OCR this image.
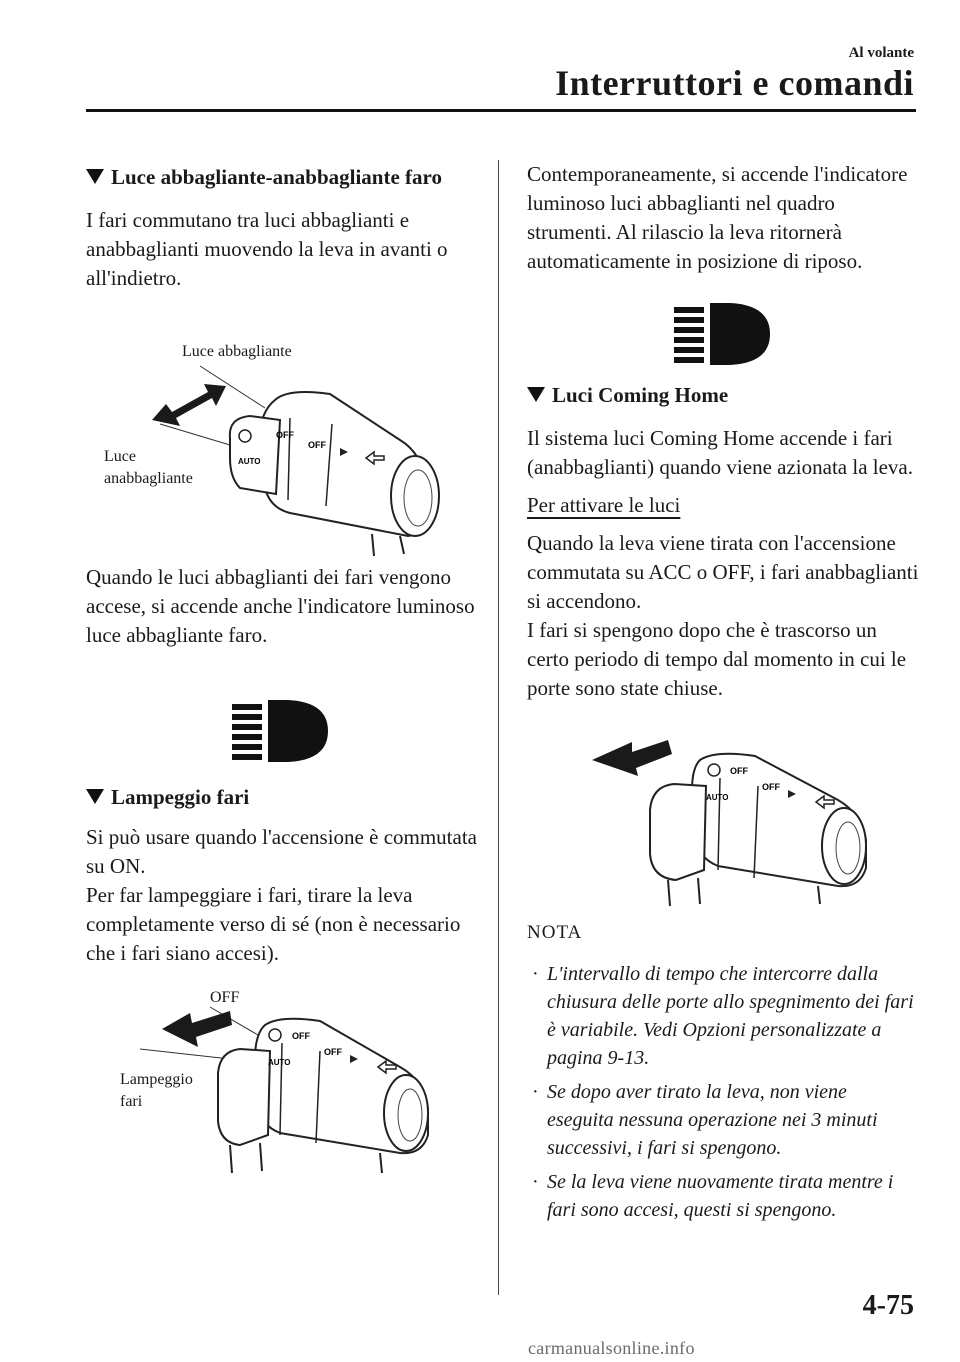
Al volante
Interruttori e comandi

Luce abbagliante-anabbagliante faro

I fari commutano tra luci abbaglianti e anabbaglianti muovendo la leva in avanti o all'indietro.

Luce abbagliante
Luce
anabbagliante
OFF
AUTO
OFF

Quando le luci abbaglianti dei fari vengono accese, si accende anche l'indicatore luminoso luce abbagliante faro.

Lampeggio fari

Si può usare quando l'accensione è commutata su ON.

Per far lampeggiare i fari, tirare la leva completamente verso di sé (non è necessario che i fari siano accesi).

OFF
Lampeggio
fari
OFF
AUTO
OFF

Contemporaneamente, si accende l'indicatore luminoso luci abbaglianti nel quadro strumenti. Al rilascio la leva ritornerà automaticamente in posizione di riposo.

Luci Coming Home

Il sistema luci Coming Home accende i fari (anabbaglianti) quando viene azionata la leva.

Per attivare le luci

Quando la leva viene tirata con l'accensione commutata su ACC o OFF, i fari anabbaglianti si accendono.

I fari si spengono dopo che è trascorso un certo periodo di tempo dal momento in cui le porte sono state chiuse.

OFF
AUTO
OFF

NOTA

· L'intervallo di tempo che intercorre dalla chiusura delle porte allo spegnimento dei fari è variabile. Vedi Opzioni personalizzate a pagina 9-13.

· Se dopo aver tirato la leva, non viene eseguita nessuna operazione nei 3 minuti successivi, i fari si spengono.

· Se la leva viene nuovamente tirata mentre i fari sono accesi, questi si spengono.

4-75
carmanualsonline.info
